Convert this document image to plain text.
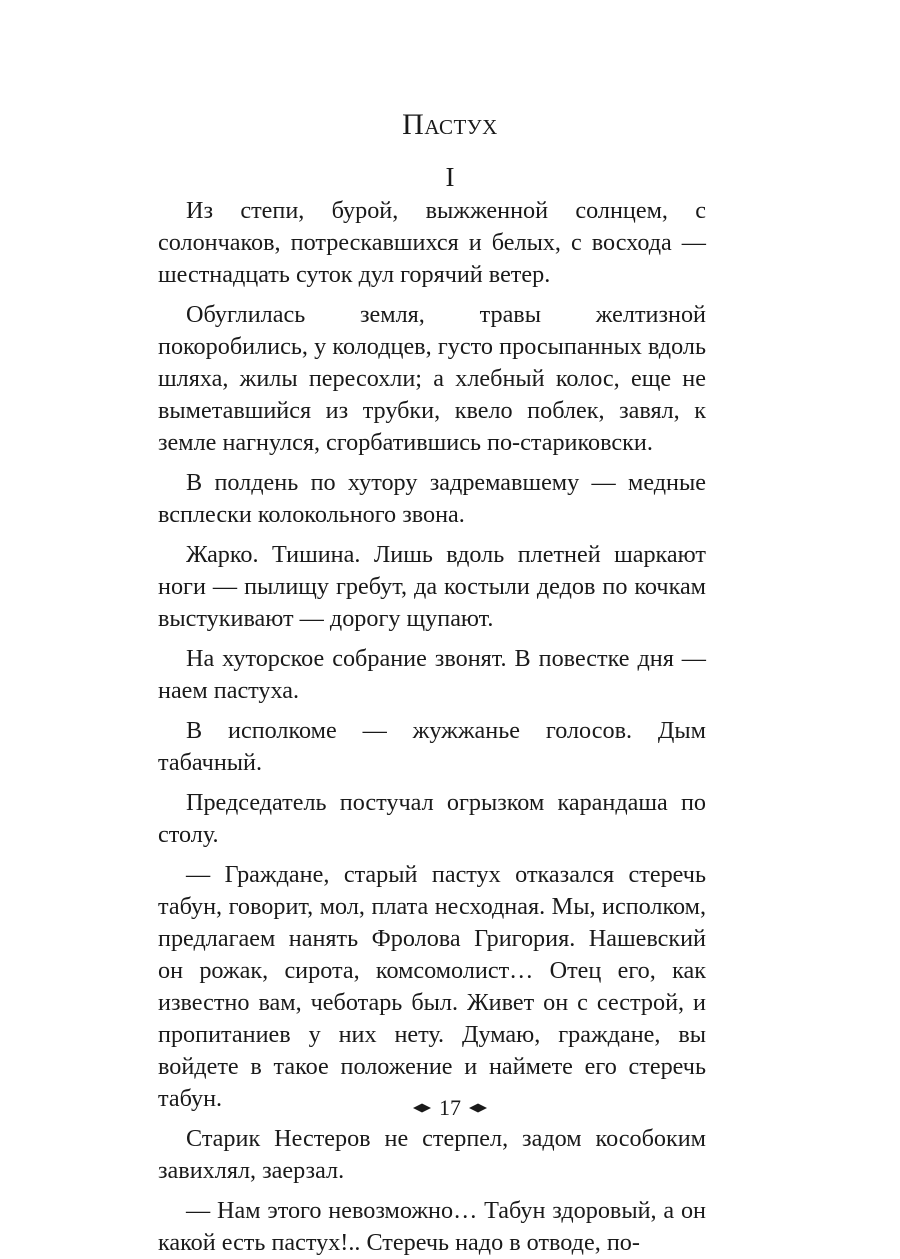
Пастух
I

Из степи, бурой, выжженной солнцем, с солончаков, потрескавшихся и белых, с восхода — шестнадцать суток дул горячий ветер.

Обуглилась земля, травы желтизной покоробились, у колодцев, густо просыпанных вдоль шляха, жилы пересохли; а хлебный колос, еще не выметавшийся из трубки, квело поблек, завял, к земле нагнулся, сгорбатившись по-стариковски.

В полдень по хутору задремавшему — медные всплески колокольного звона.

Жарко. Тишина. Лишь вдоль плетней шаркают ноги — пылищу гребут, да костыли дедов по кочкам выстукивают — дорогу щупают.

На хуторское собрание звонят. В повестке дня — наем пастуха.

В исполкоме — жужжанье голосов. Дым табачный.

Председатель постучал огрызком карандаша по столу.

— Граждане, старый пастух отказался стеречь табун, говорит, мол, плата несходная. Мы, исполком, предлагаем нанять Фролова Григория. Нашевский он рожак, сирота, комсомолист… Отец его, как известно вам, чеботарь был. Живет он с сестрой, и пропитаниев у них нету. Думаю, граждане, вы войдете в такое положение и наймете его стеречь табун.

Старик Нестеров не стерпел, задом кособоким завихлял, заерзал.

— Нам этого невозможно… Табун здоровый, а он какой есть пастух!.. Стеречь надо в отводе, по-

17
